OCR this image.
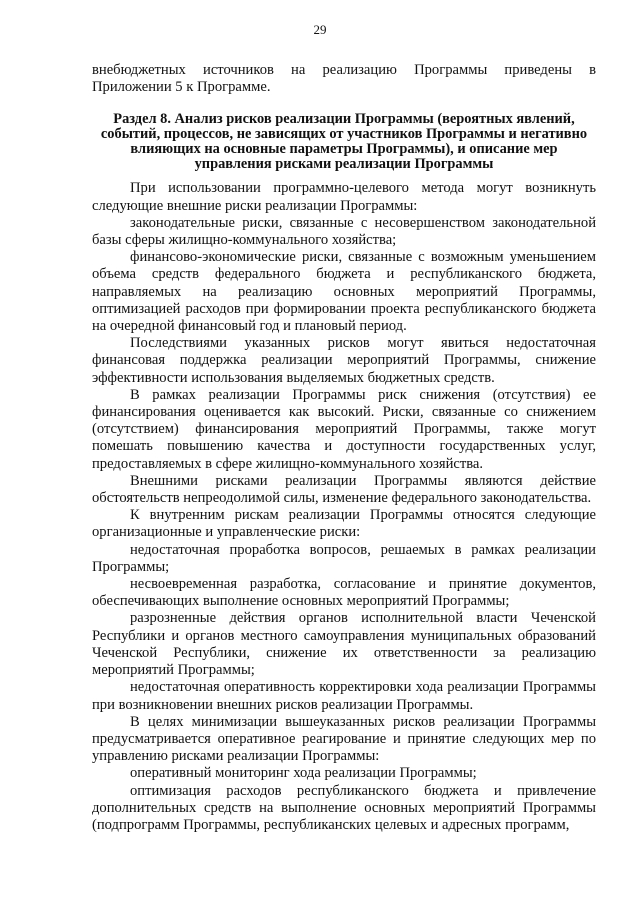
29

внебюджетных источников на реализацию Программы приведены в Приложении 5 к Программе.

Раздел 8. Анализ рисков реализации Программы (вероятных явлений, событий, процессов, не зависящих от участников Программы и негативно влияющих на основные параметры Программы), и описание мер управления рисками реализации Программы

При использовании программно-целевого метода могут возникнуть следующие внешние риски реализации Программы:

законодательные риски, связанные с несовершенством законодательной базы сферы жилищно-коммунального хозяйства;

финансово-экономические риски, связанные с возможным уменьшением объема средств федерального бюджета и республиканского бюджета, направляемых на реализацию основных мероприятий Программы, оптимизацией расходов при формировании проекта республиканского бюджета на очередной финансовый год и плановый период.

Последствиями указанных рисков могут явиться недостаточная финансовая поддержка реализации мероприятий Программы, снижение эффективности использования выделяемых бюджетных средств.

В рамках реализации Программы риск снижения (отсутствия) ее финансирования оценивается как высокий. Риски, связанные со снижением (отсутствием) финансирования мероприятий Программы, также могут помешать повышению качества и доступности государственных услуг, предоставляемых в сфере жилищно-коммунального хозяйства.

Внешними рисками реализации Программы являются действие обстоятельств непреодолимой силы, изменение федерального законодательства.

К внутренним рискам реализации Программы относятся следующие организационные и управленческие риски:

недостаточная проработка вопросов, решаемых в рамках реализации Программы;

несвоевременная разработка, согласование и принятие документов, обеспечивающих выполнение основных мероприятий Программы;

разрозненные действия органов исполнительной власти Чеченской Республики и органов местного самоуправления муниципальных образований Чеченской Республики, снижение их ответственности за реализацию мероприятий Программы;

недостаточная оперативность корректировки хода реализации Программы при возникновении внешних рисков реализации Программы.

В целях минимизации вышеуказанных рисков реализации Программы предусматривается оперативное реагирование и принятие следующих мер по управлению рисками реализации Программы:

оперативный мониторинг хода реализации Программы;

оптимизация расходов республиканского бюджета и привлечение дополнительных средств на выполнение основных мероприятий Программы (подпрограмм Программы, республиканских целевых и адресных программ,
